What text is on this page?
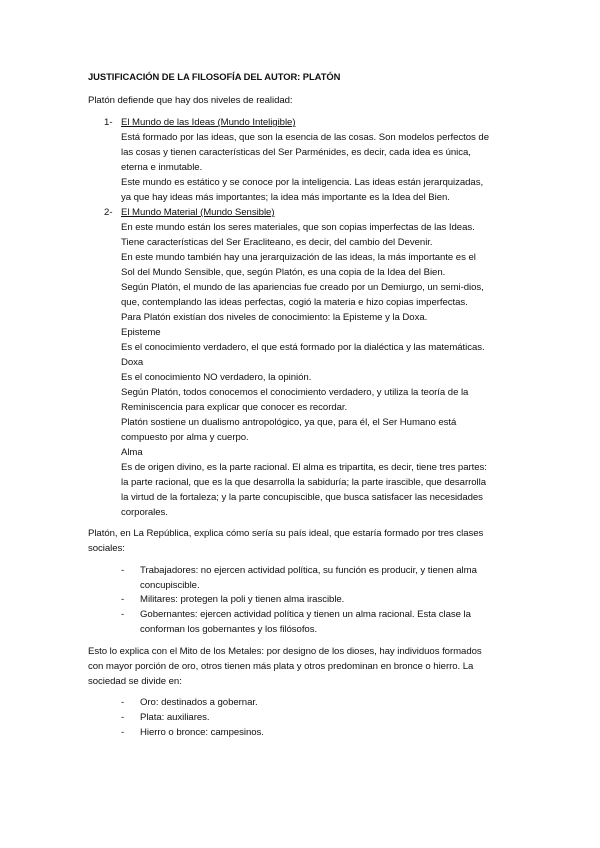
JUSTIFICACIÓN DE LA FILOSOFÍA DEL AUTOR: PLATÓN
Platón defiende que hay dos niveles de realidad:
1- El Mundo de las Ideas (Mundo Inteligible)
Está formado por las ideas, que son la esencia de las cosas. Son modelos perfectos de
las cosas y tienen características del Ser Parménides, es decir, cada idea es única,
eterna e inmutable.
Este mundo es estático y se conoce por la inteligencia. Las ideas están jerarquizadas,
ya que hay ideas más importantes; la idea más importante es la Idea del Bien.
2- El Mundo Material (Mundo Sensible)
En este mundo están los seres materiales, que son copias imperfectas de las Ideas.
Tiene características del Ser Eracliteano, es decir, del cambio del Devenir.
En este mundo también hay una jerarquización de las ideas, la más importante es el
Sol del Mundo Sensible, que, según Platón, es una copia de la Idea del Bien.
Según Platón, el mundo de las apariencias fue creado por un Demiurgo, un semi-dios,
que, contemplando las ideas perfectas, cogió la materia e hizo copias imperfectas.
Para Platón existían dos niveles de conocimiento: la Episteme y la Doxa.
Episteme
Es el conocimiento verdadero, el que está formado por la dialéctica y las matemáticas.
Doxa
Es el conocimiento NO verdadero, la opinión.
Según Platón, todos conocemos el conocimiento verdadero, y utiliza la teoría de la
Reminiscencia para explicar que conocer es recordar.
Platón sostiene un dualismo antropológico, ya que, para él, el Ser Humano está
compuesto por alma y cuerpo.
Alma
Es de origen divino, es la parte racional. El alma es tripartita, es decir, tiene tres partes:
la parte racional, que es la que desarrolla la sabiduría; la parte irascible, que desarrolla
la virtud de la fortaleza; y la parte concupiscible, que busca satisfacer las necesidades
corporales.
Platón, en La República, explica cómo sería su país ideal, que estaría formado por tres clases
sociales:
- Trabajadores: no ejercen actividad política, su función es producir, y tienen alma
concupiscible.
- Militares: protegen la poli y tienen alma irascible.
- Gobernantes: ejercen actividad política y tienen un alma racional. Esta clase la
conforman los gobernantes y los filósofos.
Esto lo explica con el Mito de los Metales: por designo de los dioses, hay individuos formados
con mayor porción de oro, otros tienen más plata y otros predominan en bronce o hierro. La
sociedad se divide en:
- Oro: destinados a gobernar.
- Plata: auxiliares.
- Hierro o bronce: campesinos.
